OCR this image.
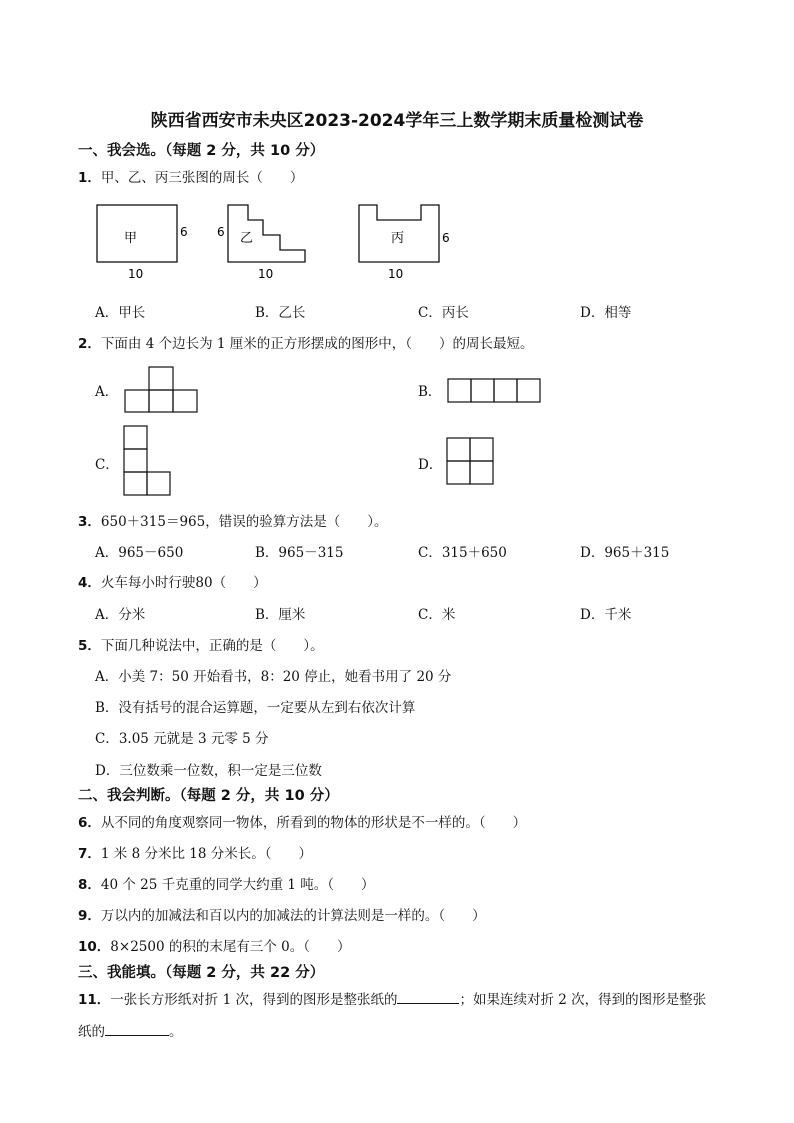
陕西省西安市未央区2023-2024学年三上数学期末质量检测试卷
一、我会选。（每题 2 分，共 10 分）
1．甲、乙、丙三张图的周长（　　）
甲	6
10
乙
6
10
丙	6
10
A．甲长	B．乙长	C．丙长	D．相等
2．下面由 4 个边长为 1 厘米的正方形摆成的图形中，（　　）的周长最短。
A．	B．
C．	D．
3．650＋315＝965，错误的验算方法是（　　）。
A．965－650	B．965－315	C．315＋650	D．965＋315
4．火车每小时行驶80（　　）
A．分米	B．厘米	C．米	D．千米
5．下面几种说法中，正确的是（　　）。
A．小美 7：50 开始看书，8：20 停止，她看书用了 20 分
B．没有括号的混合运算题，一定要从左到右依次计算
C．3.05 元就是 3 元零 5 分
D．三位数乘一位数，积一定是三位数
二、我会判断。（每题 2 分，共 10 分）
6．从不同的角度观察同一物体，所看到的物体的形状是不一样的。（　　）
7．1 米 8 分米比 18 分米长。（　　）
8．40 个 25 千克重的同学大约重 1 吨。（　　）
9．万以内的加减法和百以内的加减法的计算法则是一样的。（　　）
10．8×2500 的积的末尾有三个 0。（　　）
三、我能填。（每题 2 分，共 22 分）
11．一张长方形纸对折 1 次，得到的图形是整张纸的	；如果连续对折 2 次，得到的图形是整张
纸的	。
